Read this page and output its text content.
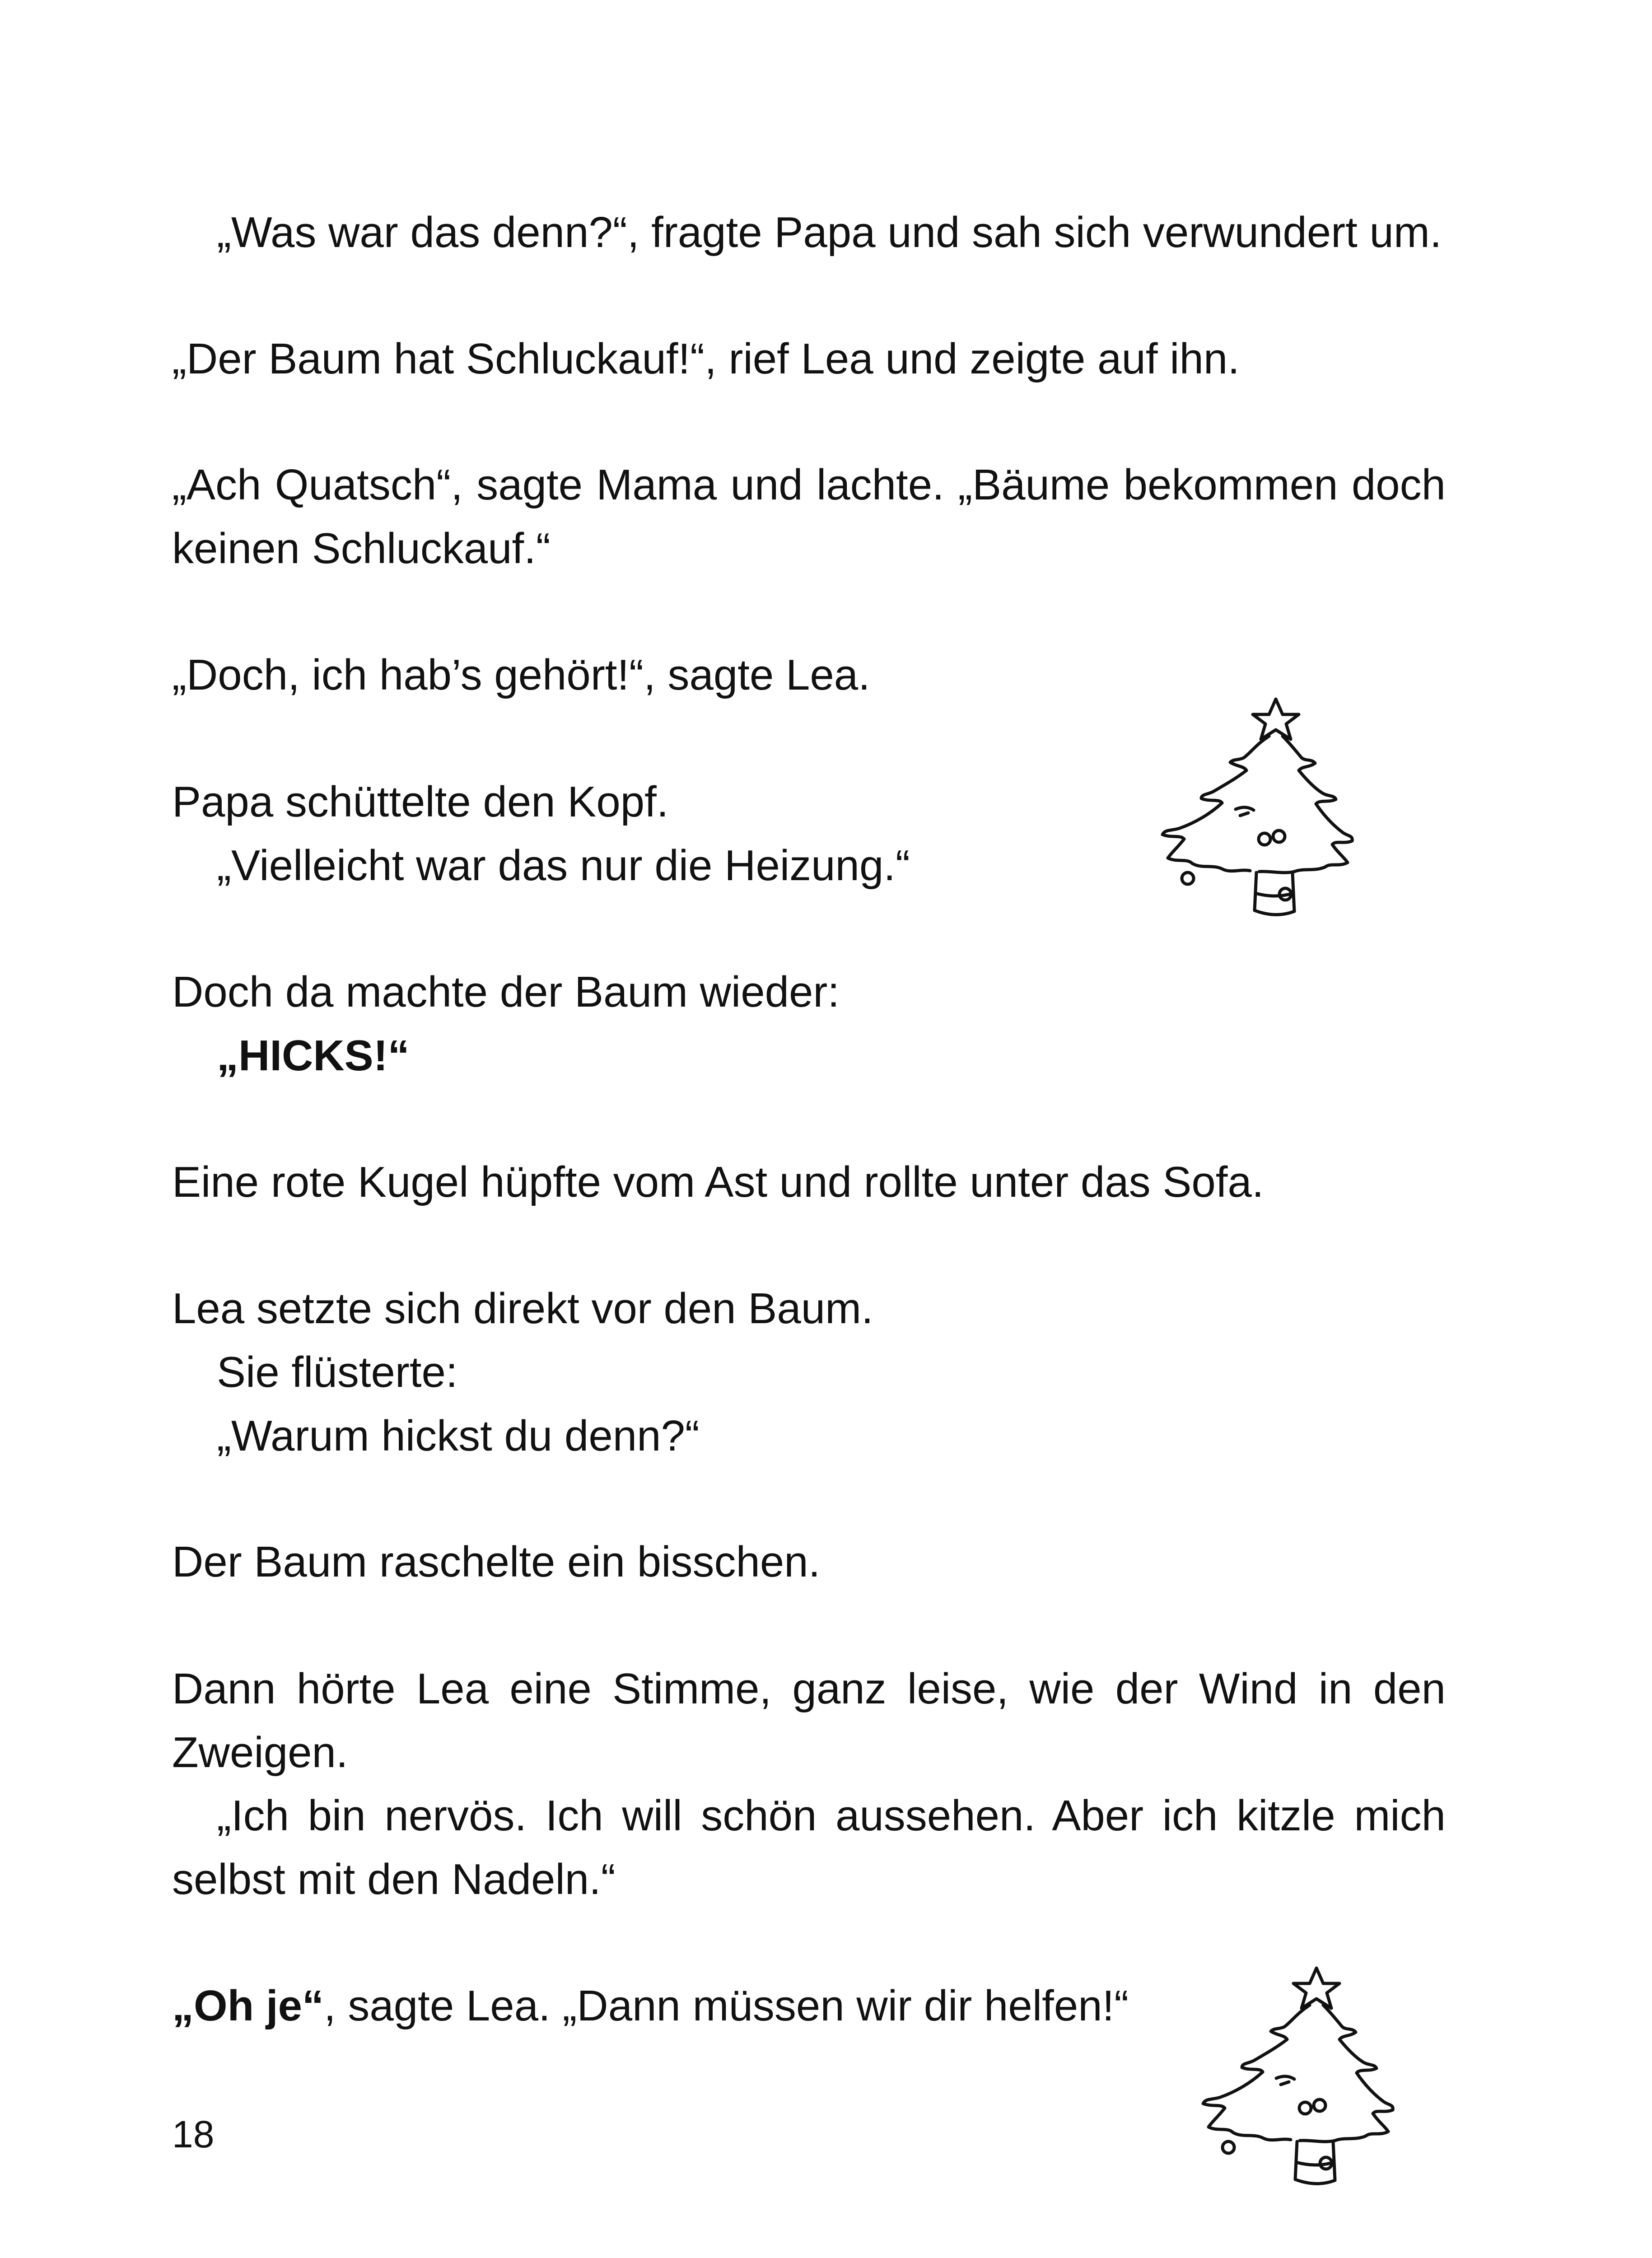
„Was war das denn?“, fragte Papa und sah sich verwundert um.

„Der Baum hat Schluckauf!“, rief Lea und zeigte auf ihn.

„Ach Quatsch“, sagte Mama und lachte. „Bäume bekommen doch

keinen Schluckauf.“

„Doch, ich hab’s gehört!“, sagte Lea.

Papa schüttelte den Kopf.

„Vielleicht war das nur die Heizung.“

Doch da machte der Baum wieder:

„HICKS!“

Eine rote Kugel hüpfte vom Ast und rollte unter das Sofa.

Lea setzte sich direkt vor den Baum.

Sie flüsterte:

„Warum hickst du denn?“

Der Baum raschelte ein bisschen.

Dann hörte Lea eine Stimme, ganz leise, wie der Wind in den

Zweigen.

„Ich bin nervös. Ich will schön aussehen. Aber ich kitzle mich

selbst mit den Nadeln.“

„Oh je“, sagte Lea. „Dann müssen wir dir helfen!“

18
